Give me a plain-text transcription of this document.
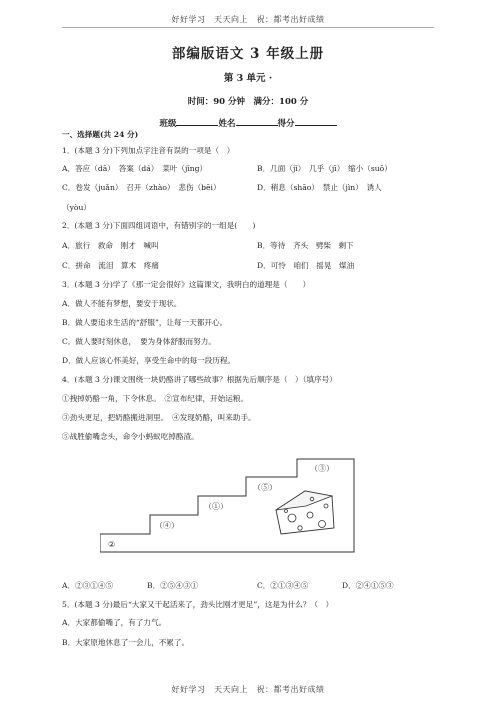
好好学习　天天向上　祝：都考出好成绩
部编版语文 3 年级上册
第 3 单元 ·
时间：90 分钟　满分：100 分
班级	姓名	得分
一、选择题(共 24 分)
1．(本题 3 分)下列加点字注音有误的一项是（　）
A．答应（dā）　答案（dá）　菜叶（jīng）	B．几面（jǐ）　几乎（jī）　缩小（suō）
C．卷发（juǎn）　召开（zhào）　悲伤（bēi）	D．稍息（shāo）　禁止（jìn）　诱人
（yòu）
2．(本题 3 分)下面四组词语中，有错别字的一组是(　　)
A．旅行　救命　刚才　喊叫	B．等待　齐头　劈柴　剩下
C．拼命　流泪　算术　疼痛	D．可怜　咱们　摇晃　煤油
3．(本题 3 分)学了《那一定会很好》这篇课文，我明白的道理是（　　）
A．做人不能有梦想，要安于现状。
B．做人要追求生活的“舒服”，让每一天都开心。
C．做人要时刻休息，　要为身体舒服而努力。
D．做人应该心怀美好，享受生命中的每一段历程。
4．(本题 3 分)课文围绕一块奶酪讲了哪些故事？根据先后顺序是（　）（填序号）
①拽掉奶酪一角，下令休息。　②宣布纪律，开始运粮。
③劲头更足，把奶酪搬进洞里。　④发现奶酪，叫来助手。
⑤战胜偷嘴念头，命令小蚂蚁吃掉酪渣。
（③）
（⑤）
（①）
（④）
②
A．②③①④⑤	B．②⑤④③①	C．②①③④⑤	D．②④①⑤③
5．(本题 3 分)最后“大家又干起活来了，劲头比刚才更足”，这是为什么？（　）
A．大家都偷嘴了，有了力气。
B．大家原地休息了一会儿，不累了。
好好学习　天天向上　祝：都考出好成绩
